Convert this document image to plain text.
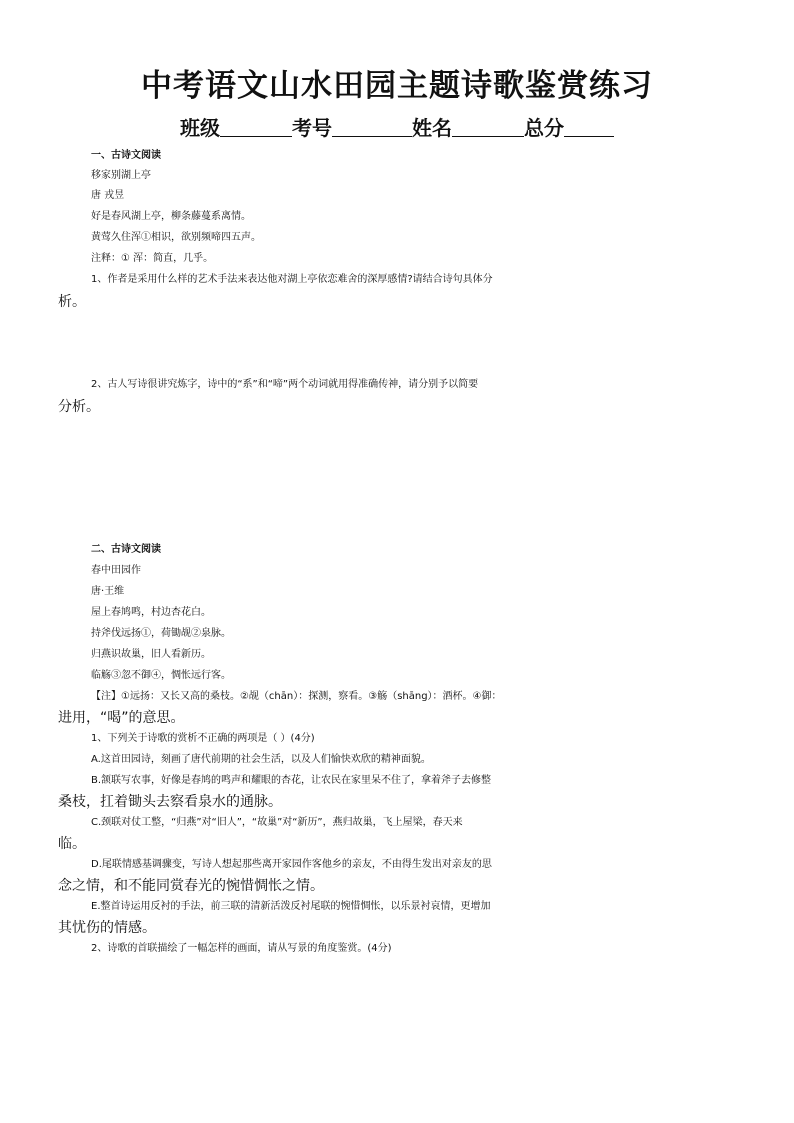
中考语文山水田园主题诗歌鉴赏练习
班级	考号	姓名	总分
一、古诗文阅读
移家别湖上亭
唐 戎昱
好是春风湖上亭，柳条藤蔓系离情。
黄莺久住浑①相识，欲别频啼四五声。
注释：① 浑：简直，几乎。
1、作者是采用什么样的艺术手法来表达他对湖上亭依恋难舍的深厚感情?请结合诗句具体分
析。
2、古人写诗很讲究炼字，诗中的“系”和“啼”两个动词就用得准确传神，请分别予以简要
分析。
二、古诗文阅读
春中田园作
唐·王维
屋上春鸠鸣，村边杏花白。
持斧伐远扬①，荷锄觇②泉脉。
归燕识故巢，旧人看新历。
临觞③忽不御④，惆怅远行客。
【注】①远扬：又长又高的桑枝。②觇（chān）：探测，察看。③觞（shāng）：酒杯。④御：
进用，“喝”的意思。
1、下列关于诗歌的赏析不正确的两项是（ ）(4分)
A.这首田园诗，刻画了唐代前期的社会生活，以及人们愉快欢欣的精神面貌。
B.颔联写农事，好像是春鸠的鸣声和耀眼的杏花，让农民在家里呆不住了，拿着斧子去修整
桑枝，扛着锄头去察看泉水的通脉。
C.颈联对仗工整，“归燕”对“旧人”，“故巢”对“新历”，燕归故巢，飞上屋梁，春天来
临。
D.尾联情感基调骤变，写诗人想起那些离开家园作客他乡的亲友，不由得生发出对亲友的思
念之情，和不能同赏春光的惋惜惆怅之情。
E.整首诗运用反衬的手法，前三联的清新活泼反衬尾联的惋惜惆怅，以乐景衬哀情，更增加
其忧伤的情感。
2、诗歌的首联描绘了一幅怎样的画面，请从写景的角度鉴赏。(4分)
